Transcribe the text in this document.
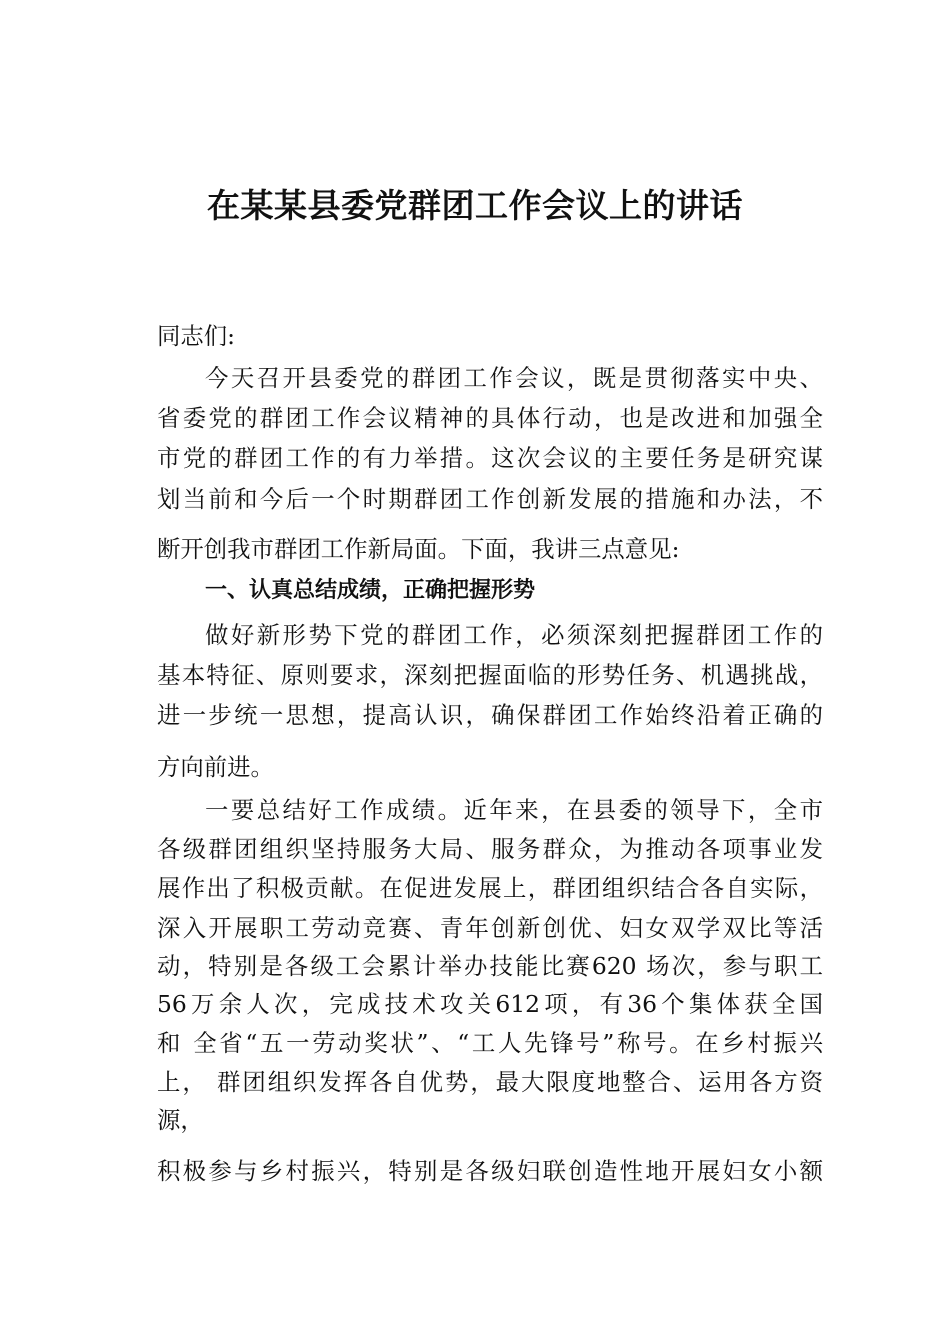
在某某县委党群团工作会议上的讲话
同志们:
今天召开县委党的群团工作会议，既是贯彻落实中央、
省委党的群团工作会议精神的具体行动，也是改进和加强全
市党的群团工作的有力举措。这次会议的主要任务是研究谋
划当前和今后一个时期群团工作创新发展的措施和办法，不
断开创我市群团工作新局面。下面，我讲三点意见:
一、认真总结成绩，正确把握形势
做好新形势下党的群团工作，必须深刻把握群团工作的
基本特征、原则要求，深刻把握面临的形势任务、机遇挑战，
进一步统一思想，提高认识，确保群团工作始终沿着正确的
方向前进。
一要总结好工作成绩。近年来，在县委的领导下，全市
各级群团组织坚持服务大局、服务群众，为推动各项事业发
展作出了积极贡献。在促进发展上，群团组织结合各自实际，
深入开展职工劳动竞赛、青年创新创优、妇女双学双比等活
动，特别是各级工会累计举办技能比赛620 场次，参与职工
56万余人次，完成技术攻关612项，有36个集体获全国
和 全省“五一劳动奖状”、“工人先锋号”称号。在乡村振兴
上， 群团组织发挥各自优势，最大限度地整合、运用各方资
源，
积极参与乡村振兴，特别是各级妇联创造性地开展妇女小额
